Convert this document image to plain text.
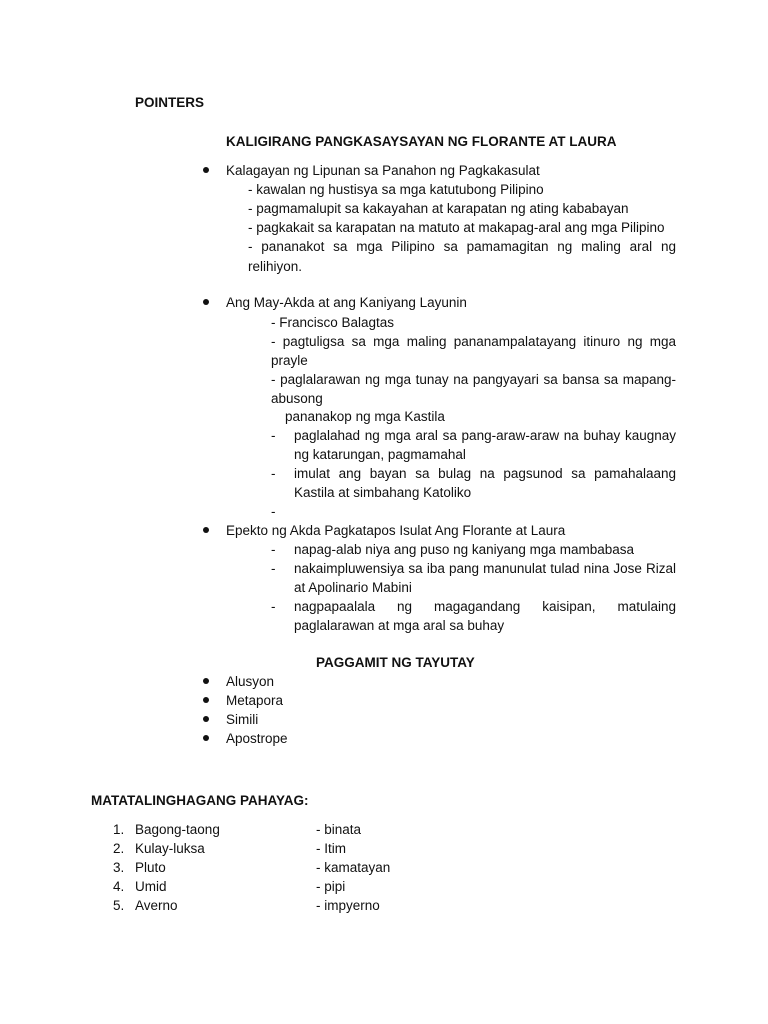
POINTERS
KALIGIRANG PANGKASAYSAYAN NG FLORANTE AT LAURA
Kalagayan ng Lipunan sa Panahon ng Pagkakasulat
- kawalan ng hustisya sa mga katutubong Pilipino
- pagmamalupit sa kakayahan at karapatan ng ating kababayan
- pagkakait sa karapatan na matuto at makapag-aral ang mga Pilipino
- pananakot sa mga Pilipino sa pamamagitan ng maling aral ng
relihiyon.
Ang May-Akda at ang Kaniyang Layunin
- Francisco Balagtas
- pagtuligsa sa mga maling pananampalatayang itinuro ng mga
prayle
- paglalarawan ng mga tunay na pangyayari sa bansa sa mapang-
abusong
pananakop ng mga Kastila
- paglalahad ng mga aral sa pang-araw-araw na buhay kaugnay
ng katarungan, pagmamahal
- imulat ang bayan sa bulag na pagsunod sa pamahalaang
Kastila at simbahang Katoliko
-
Epekto ng Akda Pagkatapos Isulat Ang Florante at Laura
- napag-alab niya ang puso ng kaniyang mga mambabasa
- nakaimpluwensiya sa iba pang manunulat tulad nina Jose Rizal
at Apolinario Mabini
- nagpapaalala ng magagandang kaisipan, matulaing
paglalarawan at mga aral sa buhay
PAGGAMIT NG TAYUTAY
Alusyon
Metapora
Simili
Apostrope
MATATALINGHAGANG PAHAYAG:
1. Bagong-taong	- binata
2. Kulay-luksa	- Itim
3. Pluto	- kamatayan
4. Umid	- pipi
5. Averno	- impyerno
